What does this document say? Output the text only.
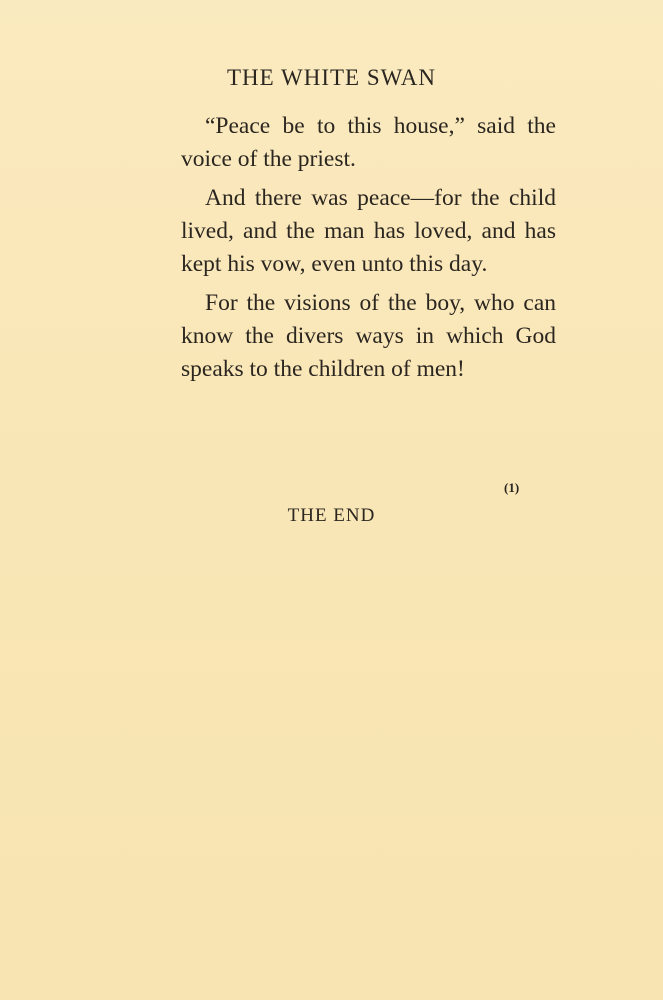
THE WHITE SWAN

“Peace be to this house,” said the voice of the priest.

And there was peace—for the child lived, and the man has loved, and has kept his vow, even unto this day.

For the visions of the boy, who can know the divers ways in which God speaks to the children of men!

(1)
THE END
